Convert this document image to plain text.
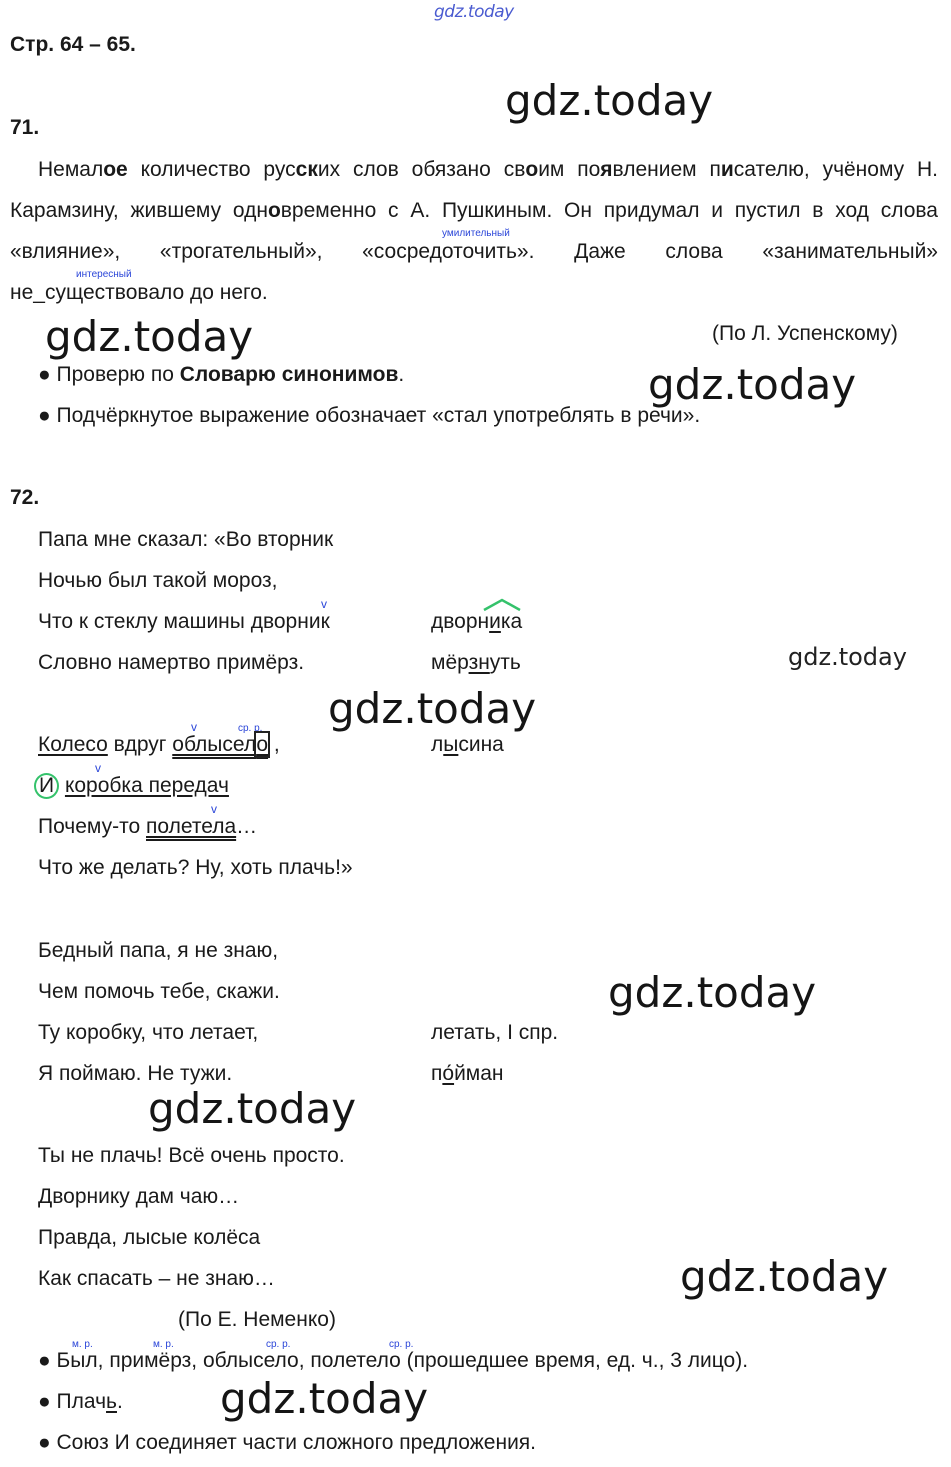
gdz.today
gdz.today
gdz.today
gdz.today
gdz.today
gdz.today
gdz.today
gdz.today
gdz.today
gdz.today
Стр. 64 – 65.
71.
интересный
умилительный
Немалое количество русских слов обязано своим появлением писателю, учёному Н. Карамзину, жившему одновременно с А. Пушкиным. Он придумал и пустил в ход слова «влияние», «трогательный», «сосредоточить». Даже слова «занимательный» не_существовало до него.
(По Л. Успенскому)
● Проверю по Словарю синонимов.
● Подчёркнутое выражение обозначает «стал употреблять в речи».
72.
Папа мне сказал: «Во вторник
Ночью был такой мороз,
v
Что к стеклу машины дворник
Словно намертво примёрз.
дворника
мёрзнуть
v	ср. р.
Колесо вдруг облысело ,	лысина
v
И коробка передач
v
Почему-то полетела…
Что же делать? Ну, хоть плачь!»
Бедный папа, я не знаю,
Чем помочь тебе, скажи.
Ту коробку, что летает,	летать, I спр.
Я поймаю. Не тужи.	по́йман
Ты не плачь! Всё очень просто.
Дворнику дам чаю…
Правда, лысые колёса
Как спасать – не знаю…
(По Е. Неменко)
м. р.	м. р.	ср. р.	ср. р.
● Был, примёрз, облысело, полетело (прошедшее время, ед. ч., 3 лицо).
● Плачь.
● Союз И соединяет части сложного предложения.
